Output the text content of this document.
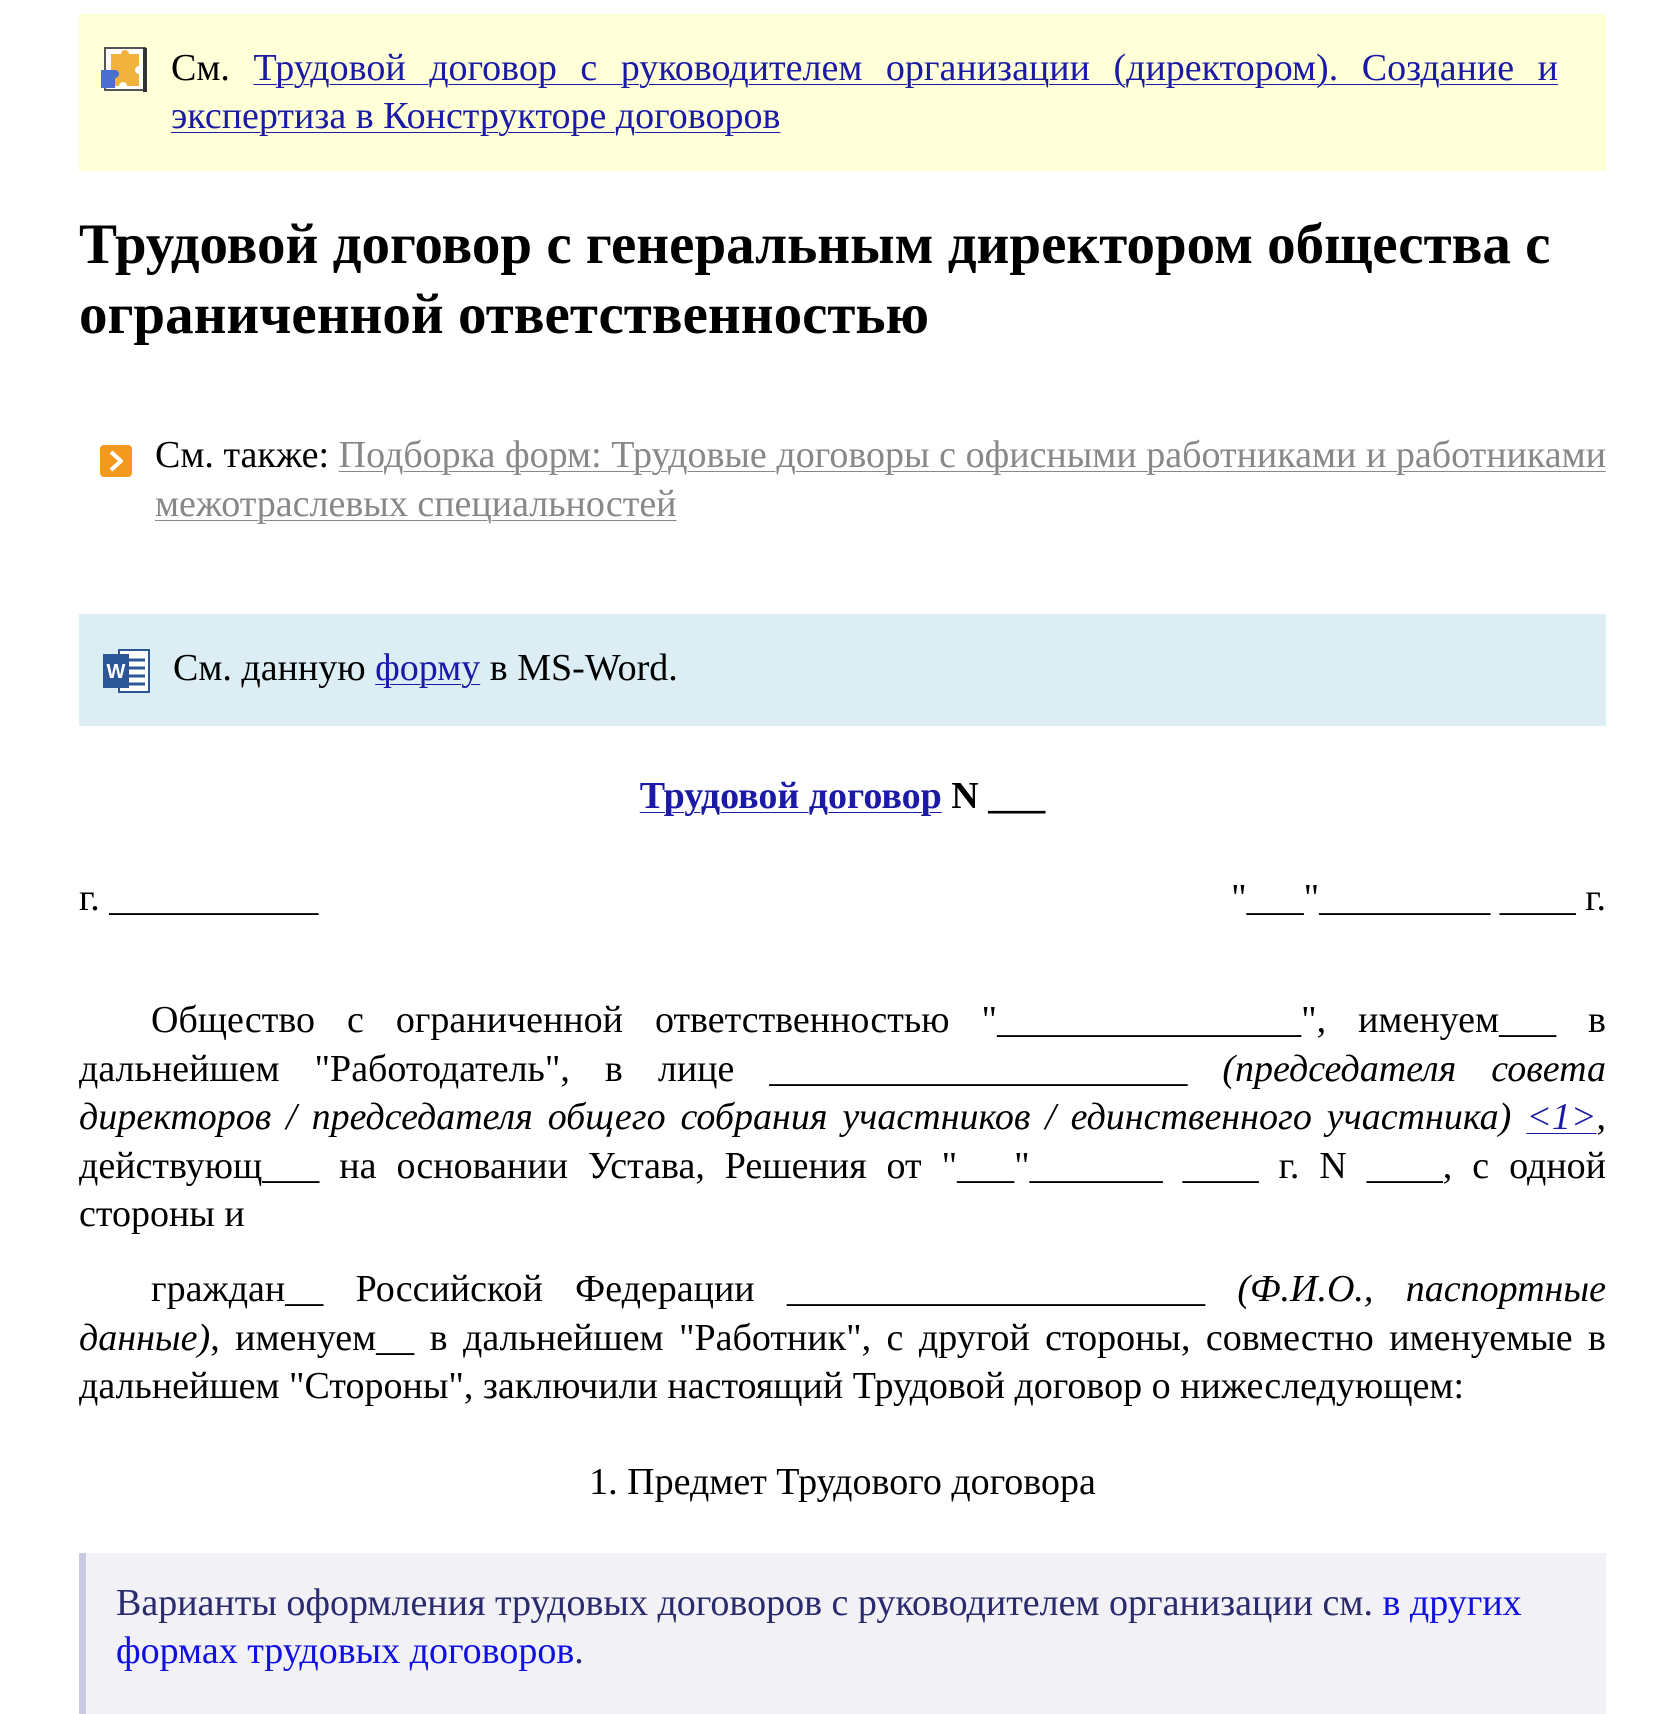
См. Трудовой договор с руководителем организации (директором). Создание и экспертиза в Конструкторе договоров
Трудовой договор с генеральным директором общества с ограниченной ответственностью
См. также: Подборка форм: Трудовые договоры с офисными работниками и работниками межотраслевых специальностей
W См. данную форму в MS-Word.
Трудовой договор N ___
г. ___________	"___"_________ ____ г.
Общество с ограниченной ответственностью "________________", именуем___ в дальнейшем "Работодатель", в лице ______________________ (председателя совета директоров / председателя общего собрания участников / единственного участника) <1>, действующ___ на основании Устава, Решения от "___"_______ ____ г. N ____, с одной стороны и
граждан__ Российской Федерации ______________________ (Ф.И.О., паспортные данные), именуем__ в дальнейшем "Работник", с другой стороны, совместно именуемые в дальнейшем "Стороны", заключили настоящий Трудовой договор о нижеследующем:
1. Предмет Трудового договора
Варианты оформления трудовых договоров с руководителем организации см. в других формах трудовых договоров.
